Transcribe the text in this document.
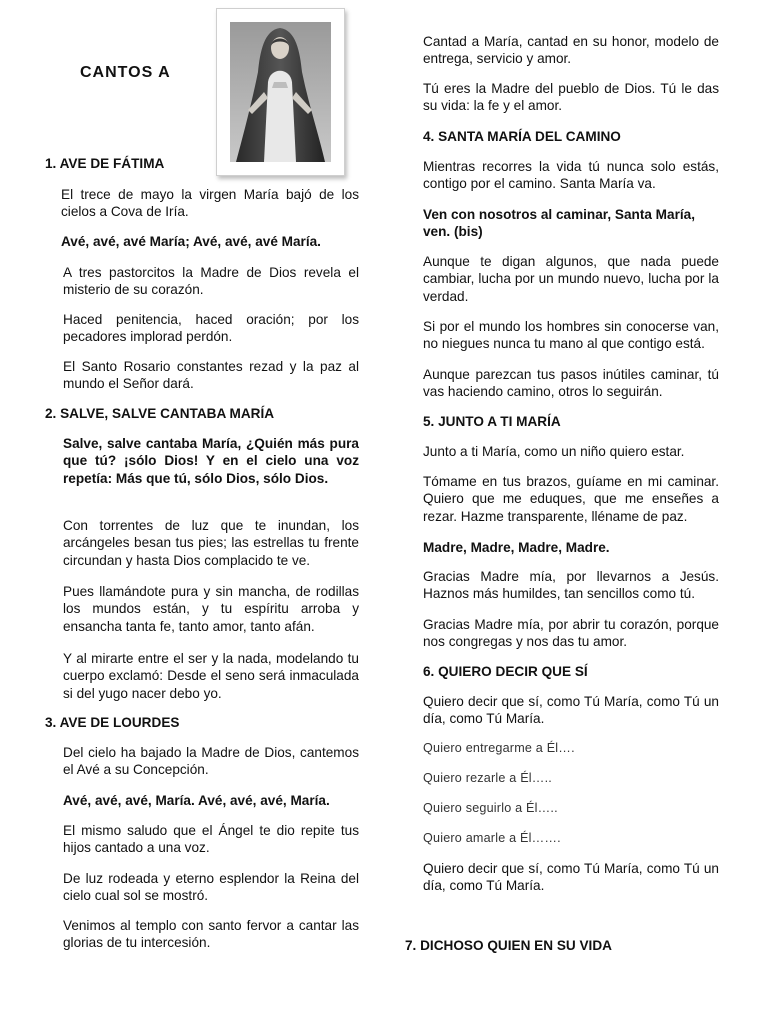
CANTOS A
1. AVE DE FÁTIMA

El trece de mayo la virgen María bajó de los cielos a Cova de Iría.

Avé, avé, avé María; Avé, avé, avé María.

A tres pastorcitos la Madre de Dios revela el misterio de su corazón.

Haced penitencia, haced oración; por los pecadores implorad perdón.

El Santo Rosario constantes rezad y la paz al mundo el Señor dará.

2. SALVE, SALVE CANTABA MARÍA

Salve, salve cantaba María, ¿Quién más pura que tú? ¡sólo Dios! Y en el cielo una voz repetía: Más que tú, sólo Dios, sólo Dios.

Con torrentes de luz que te inundan, los arcángeles besan tus pies; las estrellas tu frente circundan y hasta Dios complacido te ve.

Pues llamándote pura y sin mancha, de rodillas los mundos están, y tu espíritu arroba y ensancha tanta fe, tanto amor, tanto afán.

Y al mirarte entre el ser y la nada, modelando tu cuerpo exclamó: Desde el seno será inmaculada si del yugo nacer debo yo.

3. AVE DE LOURDES

Del cielo ha bajado la Madre de Dios, cantemos el Avé a su Concepción.

Avé, avé, avé, María. Avé, avé, avé, María.

El mismo saludo que el Ángel te dio repite tus hijos cantado a una voz.

De luz rodeada y eterno esplendor la Reina del cielo cual sol se mostró.

Venimos al templo con santo fervor a cantar las glorias de tu intercesión.

Cantad a María, cantad en su honor, modelo de entrega, servicio y amor.

Tú eres la Madre del pueblo de Dios. Tú le das su vida: la fe y el amor.

4. SANTA MARÍA DEL CAMINO

Mientras recorres la vida tú nunca solo estás, contigo por el camino. Santa María va.

Ven con nosotros al caminar, Santa María, ven. (bis)

Aunque te digan algunos, que nada puede cambiar, lucha por un mundo nuevo, lucha por la verdad.

Si por el mundo los hombres sin conocerse van, no niegues nunca tu mano al que contigo está.

Aunque parezcan tus pasos inútiles caminar, tú vas haciendo camino, otros lo seguirán.

5. JUNTO A TI MARÍA

Junto a ti María, como un niño quiero estar.

Tómame en tus brazos, guíame en mi caminar. Quiero que me eduques, que me enseñes a rezar. Hazme transparente, lléname de paz.

Madre, Madre, Madre, Madre.

Gracias Madre mía, por llevarnos a Jesús. Haznos más humildes, tan sencillos como tú.

Gracias Madre mía, por abrir tu corazón, porque nos congregas y nos das tu amor.

6. QUIERO DECIR QUE SÍ

Quiero decir que sí, como Tú María, como Tú un día, como Tú María.

Quiero entregarme a Él….

Quiero rezarle a Él…..

Quiero seguirlo a Él…..

Quiero amarle a Él…….

Quiero decir que sí, como Tú María, como Tú un día, como Tú María.

7. DICHOSO QUIEN EN SU VIDA
